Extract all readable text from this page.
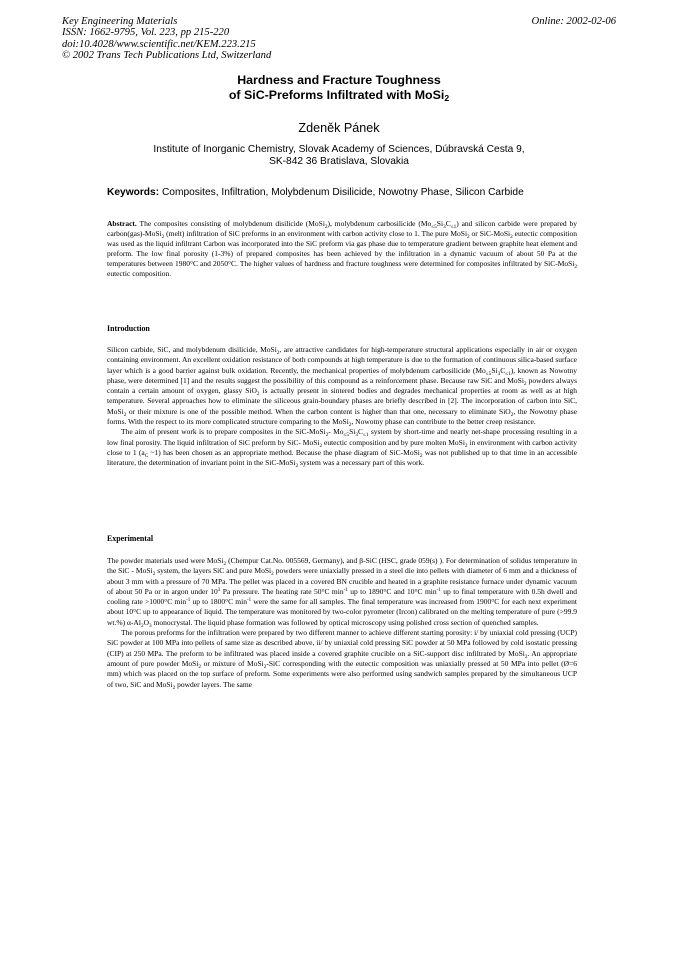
Key Engineering Materials
ISSN: 1662-9795, Vol. 223, pp 215-220
doi:10.4028/www.scientific.net/KEM.223.215
© 2002 Trans Tech Publications Ltd, Switzerland
Online: 2002-02-06
Hardness and Fracture Toughness
of SiC-Preforms Infiltrated with MoSi$_2$
Zdeněk Pánek
Institute of Inorganic Chemistry, Slovak Academy of Sciences, Dúbravská Cesta 9,
SK-842 36 Bratislava, Slovakia
Keywords: Composites, Infiltration, Molybdenum Disilicide, Nowotny Phase, Silicon Carbide
Abstract. The composites consisting of molybdenum disilicide (MoSi$_2$), molybdenum carbosilicide $(Mo_{\le 5}Si_3C_{\le 1})$ and silicon carbide were prepared by carbon(gas)-MoSi$_2$ (melt) infiltration of SiC preforms in an environment with carbon activity close to 1. The pure MoSi$_2$ or SiC-MoSi$_2$ eutectic composition was used as the liquid infiltrant Carbon was incorporated into the SiC preform via gas phase due to temperature gradient between graphite heat element and preform. The low final porosity (1-3%) of prepared composites has been achieved by the infiltration in a dynamic vacuum of about 50 Pa at the temperatures between 1980°C and 2050°C. The higher values of hardness and fracture toughness were determined for composites infiltrated by SiC-MoSi$_2$ eutectic composition.
Introduction

Silicon carbide, SiC, and molybdenum disilicide, MoSi$_2$, are attractive candidates for high-temperature structural applications especially in air or oxygen containing environment. An excellent oxidation resistance of both compounds at high temperature is due to the formation of continuous silica-based surface layer which is a good barrier against bulk oxidation. Recently, the mechanical properties of molybdenum carbosilicide $(Mo_{\le 5}Si_3C_{\le 1})$, known as Nowotny phase, were determined [1] and the results suggest the possibility of this compound as a reinforcement phase. Because raw SiC and MoSi$_2$ powders always contain a certain amount of oxygen, glassy SiO$_2$ is actually present in sintered bodies and degrades mechanical properties at room as well as at high temperature. Several approaches how to eliminate the siliceous grain-boundary phases are briefly described in [2]. The incorporation of carbon into SiC, MoSi$_2$ or their mixture is one of the possible method. When the carbon content is higher than that one, necessary to eliminate SiO$_2$, the Nowotny phase forms. With the respect to its more complicated structure comparing to the MoSi$_2$, Nowotny phase can contribute to the better creep resistance.

The aim of present work is to prepare composites in the SiC-MoSi$_2$- $Mo_{\le 5}Si_3C_{\le 1}$ system by short-time and nearly net-shape processing resulting in a low final porosity. The liquid infiltration of SiC preform by SiC- MoSi$_2$ eutectic composition and by pure molten MoSi$_2$ in environment with carbon activity close to 1 ($a_C$ ~1) has been chosen as an appropriate method. Because the phase diagram of SiC-MoSi$_2$ was not published up to that time in an accessible literature, the determination of invariant point in the SiC-MoSi$_2$ system was a necessary part of this work.

Experimental

The powder materials used were MoSi$_2$ (Chempur Cat.No. 005569, Germany), and β-SiC (HSC, grade 059(s) ). For determination of solidus temperature in the SiC - MoSi$_2$ system, the layers SiC and pure MoSi$_2$ powders were uniaxially pressed in a steel die into pellets with diameter of 6 mm and a thickness of about 3 mm with a pressure of 70 MPa. The pellet was placed in a covered BN crucible and heated in a graphite resistance furnace under dynamic vacuum of about 50 Pa or in argon under $10^3$ Pa pressure. The heating rate 50°C $\min^{-1}$ up to 1890°C and 10°C $\min^{-1}$ up to final temperature with 0.5h dwell and cooling rate >1000°C $\min^{-1}$ up to 1800°C $\min^{-1}$ were the same for all samples. The final temperature was increased from 1900°C for each next experiment about 10°C up to appearance of liquid. The temperature was monitored by two-color pyrometer (Ircon) calibrated on the melting temperature of pure (>99.9 wt.%) $\alpha-Al_2O_3$ monocrystal. The liquid phase formation was followed by optical microscopy using polished cross section of quenched samples.

The porous preforms for the infiltration were prepared by two different manner to achieve different starting porosity: i/ by uniaxial cold pressing (UCP) SiC powder at 100 MPa into pellets of same size as described above, ii/ by uniaxial cold pressing SiC powder at 50 MPa followed by cold isostatic pressing (CIP) at 250 MPa. The preform to be infiltrated was placed inside a covered graphite crucible on a SiC-support disc infiltrated by MoSi$_2$. An appropriate amount of pure powder MoSi$_2$ or mixture of MoSi$_2$-SiC corresponding with the eutectic composition was uniaxially pressed at 50 MPa into pellet (Ø=6 mm) which was placed on the top surface of preform. Some experiments were also performed using sandwich samples prepared by the simultaneous UCP of two, SiC and MoSi$_2$ powder layers. The same
